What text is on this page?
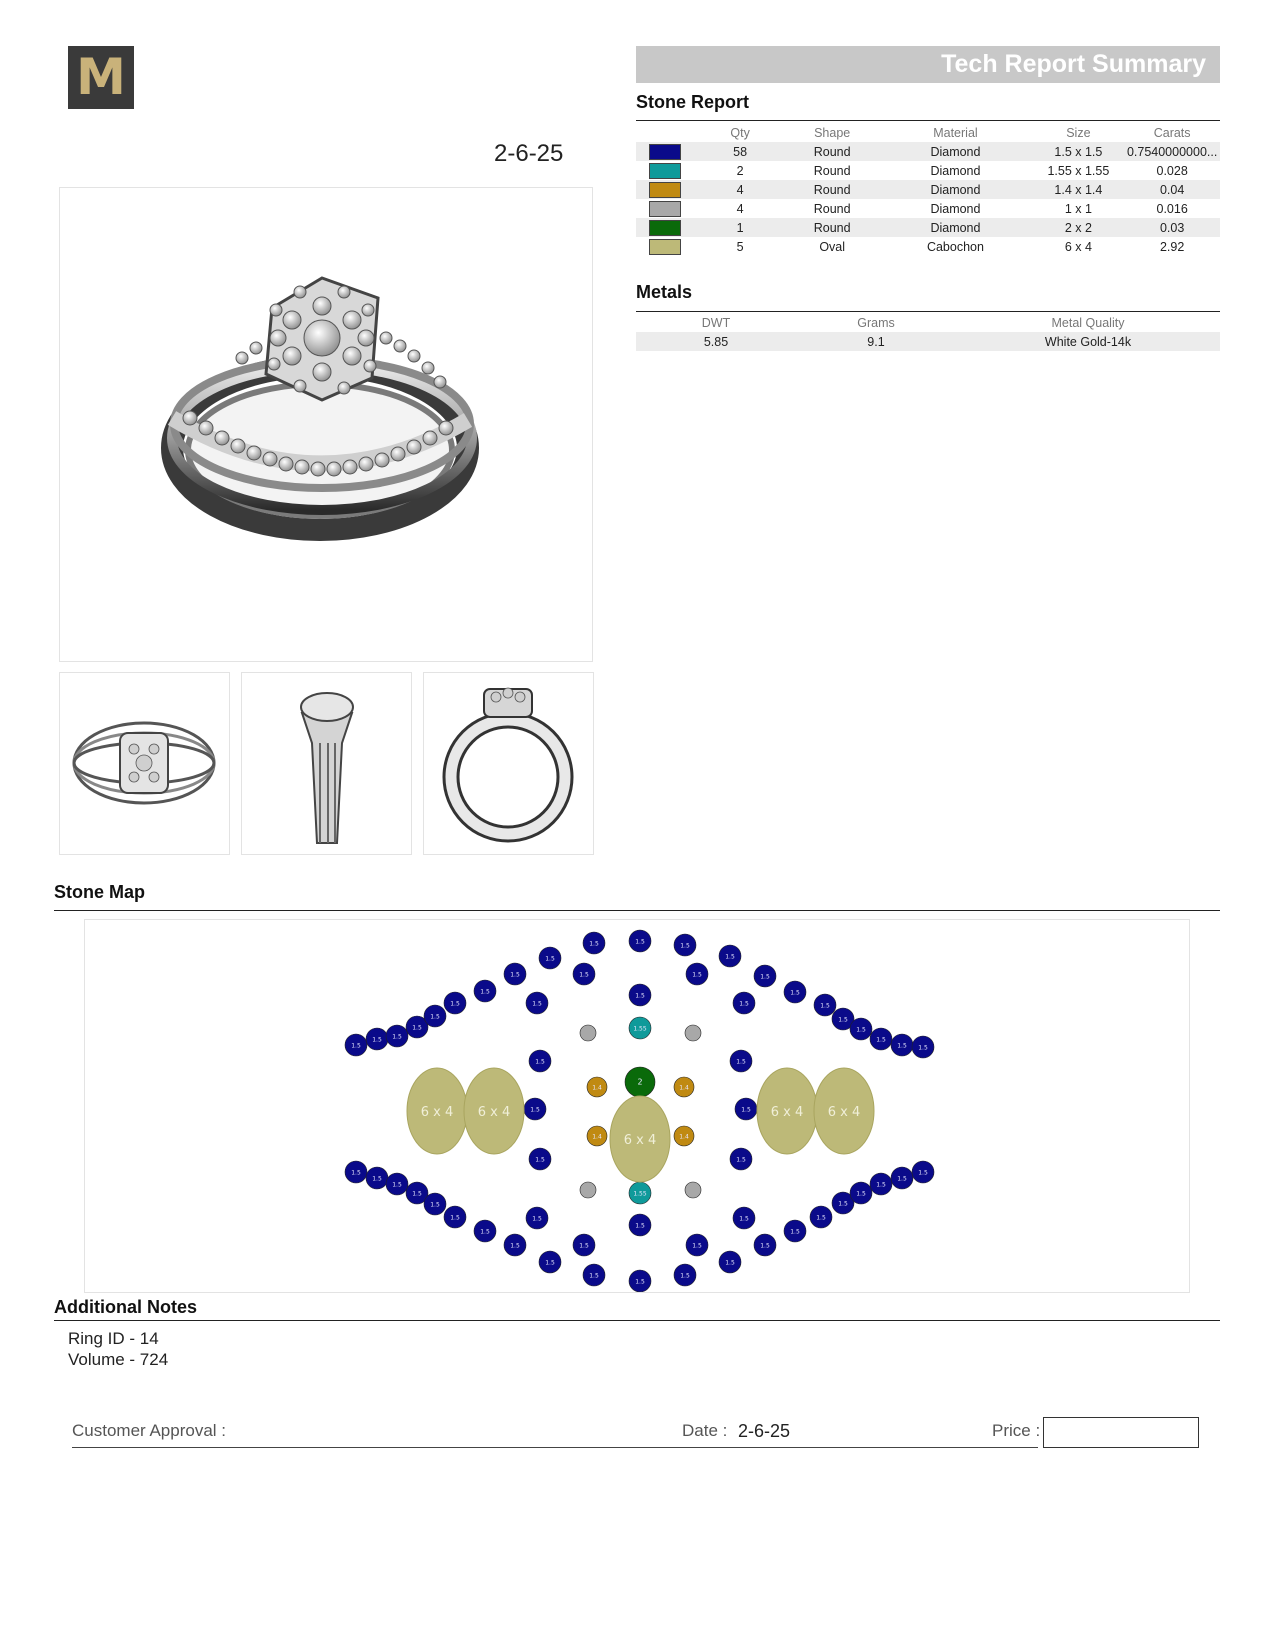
M
2-6-25
Tech Report Summary
Stone Report
	Qty	Shape	Material	Size	Carats
	58	Round	Diamond	1.5 x 1.5	0.7540000000...
	2	Round	Diamond	1.55 x 1.55	0.028
	4	Round	Diamond	1.4 x 1.4	0.04
	4	Round	Diamond	1 x 1	0.016
	1	Round	Diamond	2 x 2	0.03
	5	Oval	Cabochon	6 x 4	2.92
Metals
DWT	Grams	Metal Quality
5.85	9.1	White Gold-14k
Stone Map
1.5
1.5 1.5
1.5
1.5
1.5
1.5
1.5
1.5
1.5	1.5
1.5
1.5
1.5
1.5
1.5
1.5
1.5
1.5
1.5
1.5
1.5
1.5
1.5
1.5 1.5
1.5	1.5
1.5	1.5
1.5	1.5
1.5
1.5
1.5
1.5
1.5
1.5
1.5
1.5
1.5
1.5
1.5
1.5
1.5
1.5
1.5
1.5
1.5
1.5
1.5
1.5
1.5
1.5
1.5	1.5
1.5
1.5
1.55
1.55
1.4	1.4
1.4	1.4
2
6 x 4 6 x 4
6 x 4
6 x 4 6 x 4
Additional Notes
Ring ID - 14
Volume - 724
Customer Approval :	Date : 2-6-25	Price :
